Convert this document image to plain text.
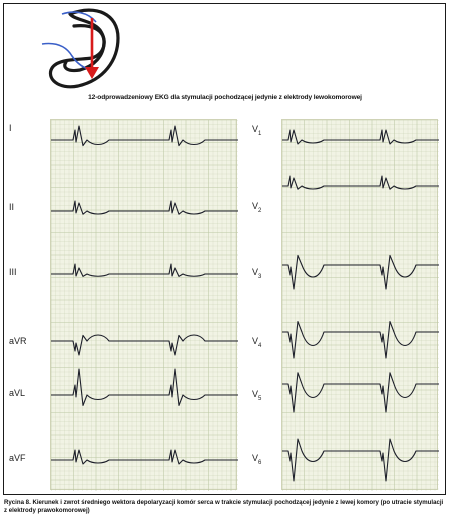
12-odprowadzeniowy EKG dla stymulacji pochodzącej jedynie z elektrody lewokomorowej
I
II
III
aVR
aVL
aVF
$V_1$
$V_2$
$V_3$
$V_4$
$V_5$
$V_6$
Rycina 8. Kierunek i zwrot średniego wektora depolaryzacji komór serca w trakcie stymulacji pochodzącej jedynie z lewej komory (po utracie stymulacji z elektrody prawokomorowej)
